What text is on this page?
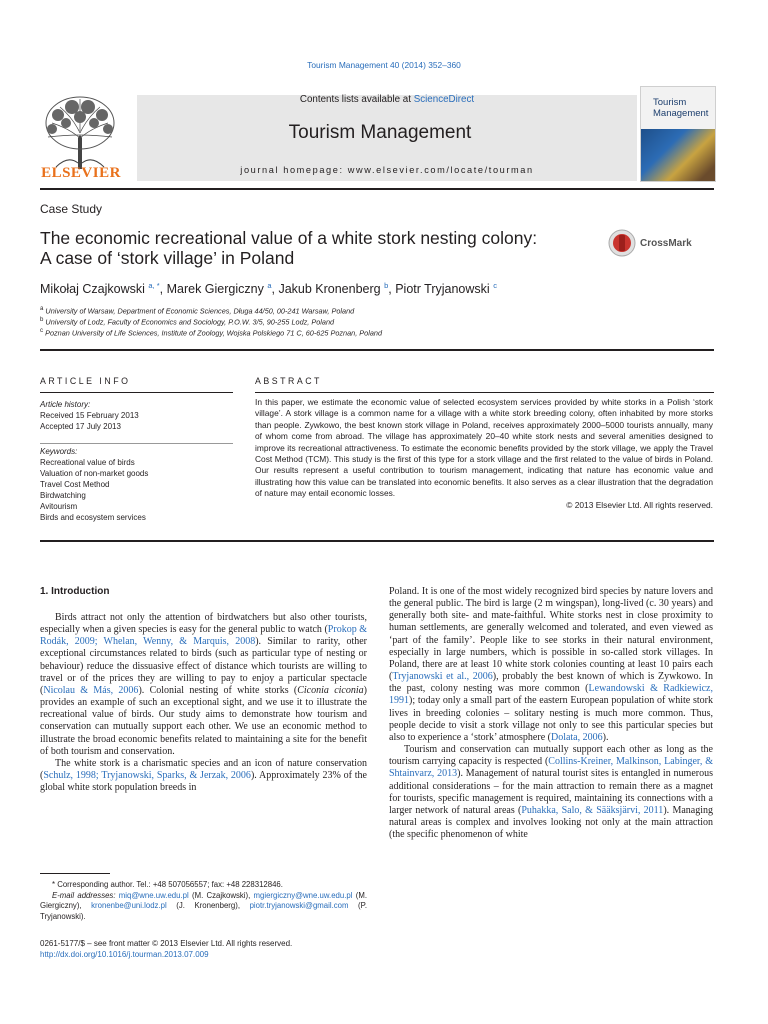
Tourism Management 40 (2014) 352–360
Contents lists available at ScienceDirect
Tourism Management
journal homepage: www.elsevier.com/locate/tourman
ELSEVIER
Tourism
Management
Case Study
The economic recreational value of a white stork nesting colony:
A case of ‘stork village’ in Poland
CrossMark
Mikołaj Czajkowski $^{a, *}$, Marek Giergiczny $^a$, Jakub Kronenberg $^b$, Piotr Tryjanowski $^c$
$^a$ University of Warsaw, Department of Economic Sciences, Długa 44/50, 00-241 Warsaw, Poland
$^b$ University of Lodz, Faculty of Economics and Sociology, P.O.W. 3/5, 90-255 Lodz, Poland
$^c$ Poznan University of Life Sciences, Institute of Zoology, Wojska Polskiego 71 C, 60-625 Poznan, Poland
ARTICLE INFO
Article history:
Received 15 February 2013
Accepted 17 July 2013
Keywords:
Recreational value of birds
Valuation of non-market goods
Travel Cost Method
Birdwatching
Avitourism
Birds and ecosystem services
ABSTRACT
In this paper, we estimate the economic value of selected ecosystem services provided by white storks in a Polish ‘stork village’. A stork village is a common name for a village with a white stork breeding colony, often inhabited by more storks than people. Zywkowo, the best known stork village in Poland, receives approximately 2000–5000 tourists annually, many of whom come from abroad. The village has approximately 20–40 white stork nests and several amenities designed to improve its recreational attractiveness. To estimate the economic benefits provided by the stork village, we apply the Travel Cost Method (TCM). This study is the first of this type for a stork village and the first related to the value of birds in Poland. Our results represent a useful contribution to tourism management, indicating that nature has economic value and illustrating how this value can be translated into economic benefits. It also serves as a clear illustration that the degradation of nature may entail economic losses.
© 2013 Elsevier Ltd. All rights reserved.
1. Introduction

Birds attract not only the attention of birdwatchers but also other tourists, especially when a given species is easy for the general public to watch (Prokop & Rodák, 2009; Whelan, Wenny, & Marquis, 2008). Similar to rarity, other exceptional circumstances related to birds (such as particular type of nesting or behaviour) reduce the dissuasive effect of distance which tourists are willing to travel or of the prices they are willing to pay to enjoy a particular spectacle (Nicolau & Más, 2006). Colonial nesting of white storks (Ciconia ciconia) provides an example of such an exceptional sight, and we use it to illustrate the recreational value of birds. Our study aims to demonstrate how tourism and conservation can mutually support each other. We use an economic method to illustrate the broad economic benefits related to maintaining a site for the benefit of both tourism and conservation.

The white stork is a charismatic species and an icon of nature conservation (Schulz, 1998; Tryjanowski, Sparks, & Jerzak, 2006). Approximately 23% of the global white stork population breeds in

Poland. It is one of the most widely recognized bird species by nature lovers and the general public. The bird is large (2 m wingspan), long-lived (c. 30 years) and generally both site- and mate-faithful. White storks nest in close proximity to human settlements, are generally welcomed and tolerated, and even viewed as ‘part of the family’. People like to see storks in their natural environment, especially in large numbers, which is possible in so-called stork villages. In Poland, there are at least 10 white stork colonies counting at least 10 pairs each (Tryjanowski et al., 2006), probably the best known of which is Zywkowo. In the past, colony nesting was more common (Lewandowski & Radkiewicz, 1991); today only a small part of the eastern European population of white stork lives in breeding colonies – solitary nesting is much more common. Thus, people decide to visit a stork village not only to see this particular species but also to experience a ‘stork’ atmosphere (Dolata, 2006).

Tourism and conservation can mutually support each other as long as the tourism carrying capacity is respected (Collins-Kreiner, Malkinson, Labinger, & Shtainvarz, 2013). Management of natural tourist sites is entangled in numerous additional considerations – for the main attraction to remain there as a magnet for tourists, specific management is required, maintaining its connections with a larger network of natural areas (Puhakka, Salo, & Sääksjärvi, 2011). Managing natural areas is complex and involves looking not only at the main attraction (the specific phenomenon of white

* Corresponding author. Tel.: +48 507056557; fax: +48 228312846.
E-mail addresses: miq@wne.uw.edu.pl (M. Czajkowski), mgiergiczny@wne.uw.edu.pl (M. Giergiczny), kronenbe@uni.lodz.pl (J. Kronenberg), piotr.tryjanowski@gmail.com (P. Tryjanowski).
0261-5177/$ – see front matter © 2013 Elsevier Ltd. All rights reserved.
http://dx.doi.org/10.1016/j.tourman.2013.07.009
